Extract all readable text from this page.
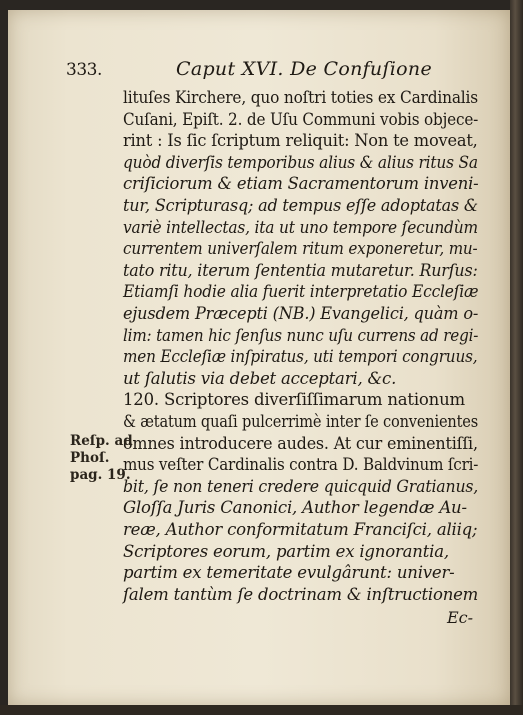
333.	Caput XVI. De Confuſione
lituſes Kirchere, quo noſtri toties ex Cardinalis
Cuſani, Epiſt. 2. de Uſu Communi vobis objece-
rint : Is ſic ſcriptum reliquit: Non te moveat,
quòd diverſis temporibus alius & alius ritus Sa
criſiciorum & etiam Sacramentorum inveni-
tur, Scripturasq; ad tempus eſſe adoptatas &
variè intellectas, ita ut uno tempore ſecundùm
currentem univerſalem ritum exponeretur, mu-
tato ritu, iterum ſententia mutaretur. Rurſus:
Etiamſi hodie alia fuerit interpretatio Eccleſiæ
ejusdem Præcepti (NB.) Evangelici, quàm o-
lim: tamen hic ſenſus nunc uſu currens ad regi-
men Eccleſiæ inſpiratus, uti tempori congruus,
ut ſalutis via debet acceptari, &c.
120. Scriptores diverſiſſimarum nationum
& ætatum quaſi pulcerrimè inter ſe convenientes
omnes introducere audes. At cur eminentiſſi,
mus veſter Cardinalis contra D. Baldvinum ſcri-
bit, ſe non teneri credere quicquid Gratianus,
Gloſſa Juris Canonici, Author legendæ Au-
reæ, Author conformitatum Franciſci, aliiq;
Scriptores eorum, partim ex ignorantia,
partim ex temeritate evulgârunt: univer-
ſalem tantùm ſe doctrinam & inſtructionem
Reſp. ad
Phoſ.
pag. 19.
Ec-
